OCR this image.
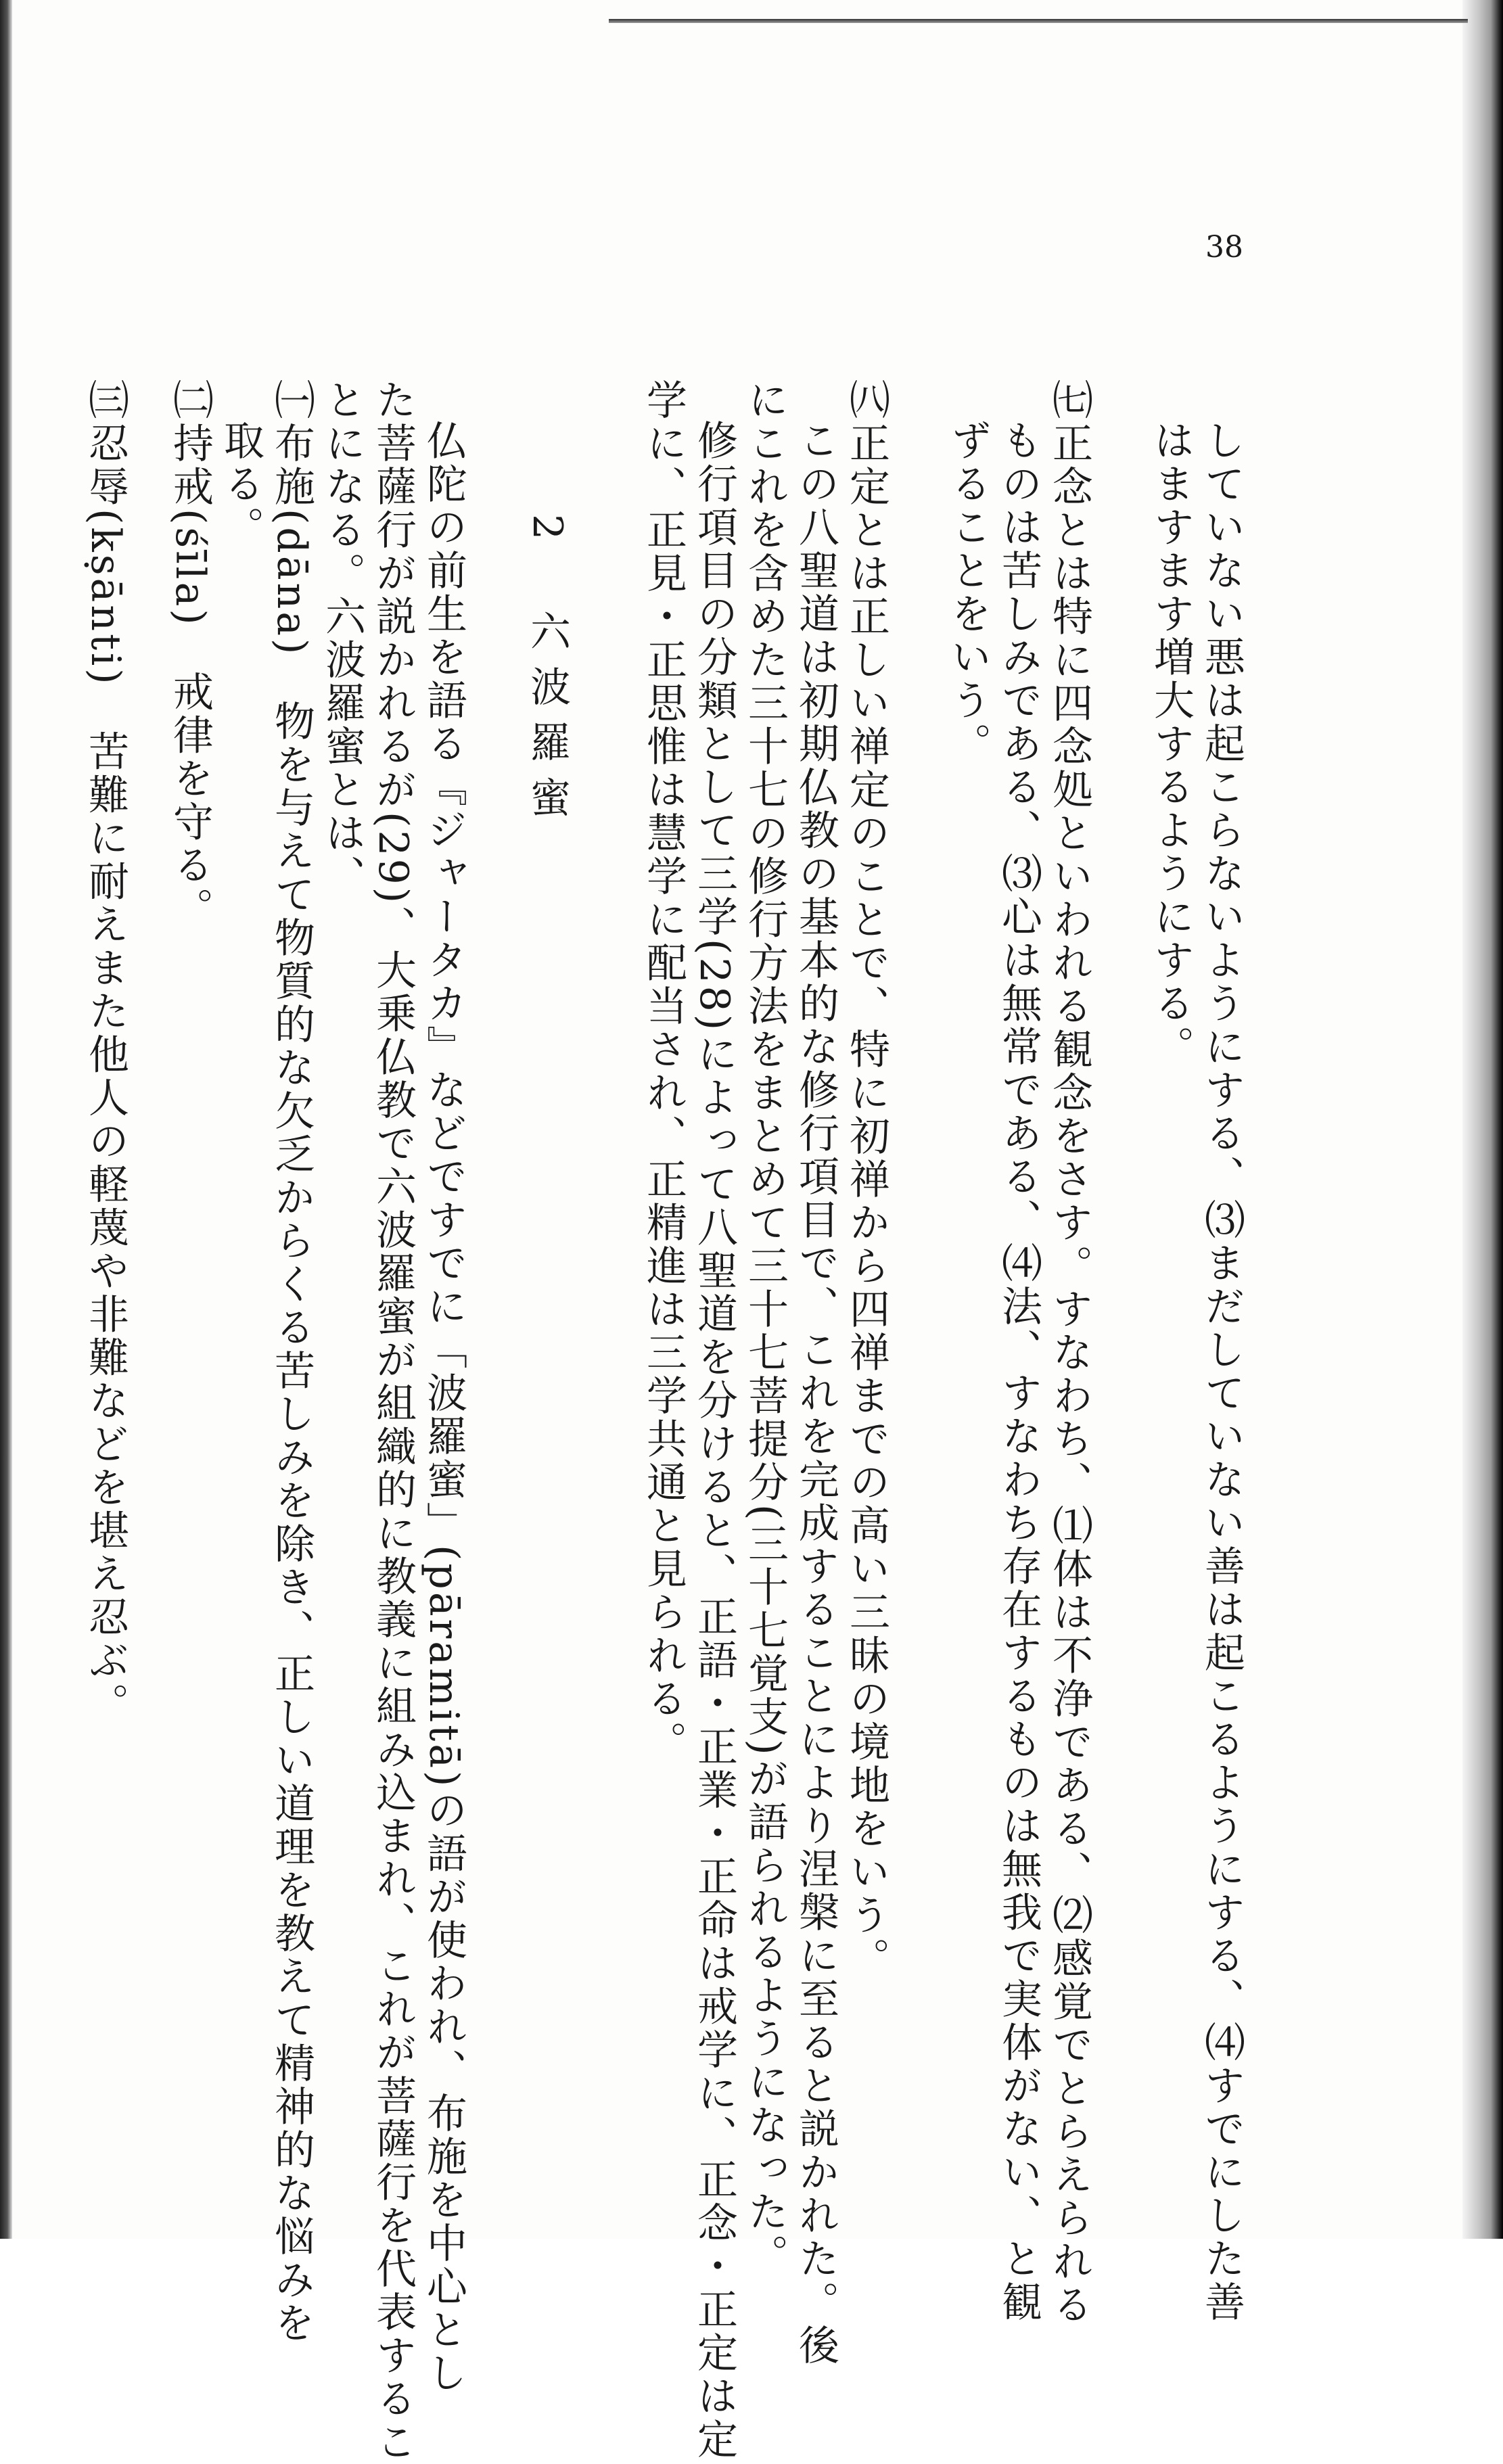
38
していない悪は起こらないようにする、⑶まだしていない善は起こるようにする、⑷すでにした善
はますます増大するようにする。
㈦正念とは特に四念処といわれる観念をさす。すなわち、⑴体は不浄である、⑵感覚でとらえられる
ものは苦しみである、⑶心は無常である、⑷法、すなわち存在するものは無我で実体がない、と観
ずることをいう。
㈧正定とは正しい禅定のことで、特に初禅から四禅までの高い三昧の境地をいう。
この八聖道は初期仏教の基本的な修行項目で、これを完成することにより涅槃に至ると説かれた。後
にこれを含めた三十七の修行方法をまとめて三十七菩提分(三十七覚支)が語られるようになった。
修行項目の分類として三学(28)によって八聖道を分けると、正語・正業・正命は戒学に、正念・正定は定
学に、正見・正思惟は慧学に配当され、正精進は三学共通と見られる。
2　六波羅蜜
仏陀の前生を語る『ジャータカ』などですでに「波羅蜜」(pāramitā)の語が使われ、布施を中心とし
た菩薩行が説かれるが(29)、大乗仏教で六波羅蜜が組織的に教義に組み込まれ、これが菩薩行を代表するこ
とになる。六波羅蜜とは、
㈠布施(dāna)　物を与えて物質的な欠乏からくる苦しみを除き、正しい道理を教えて精神的な悩みを
取る。
㈡持戒(śīla)　戒律を守る。
㈢忍辱(kṣānti)　苦難に耐えまた他人の軽蔑や非難などを堪え忍ぶ。
